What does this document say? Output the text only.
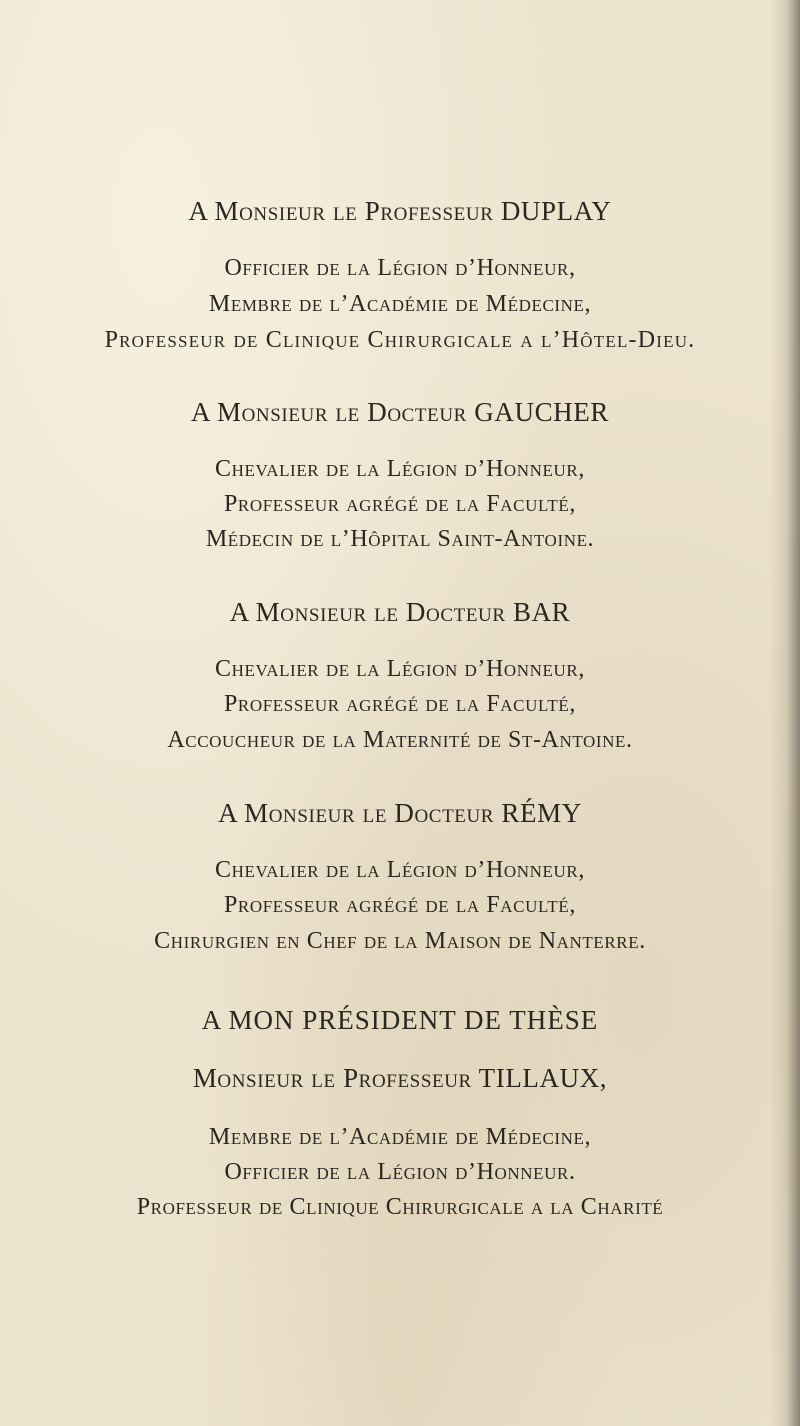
A Monsieur le Professeur DUPLAY
Officier de la Légion d’Honneur,
Membre de l’Académie de Médecine,
Professeur de Clinique Chirurgicale a l’Hôtel-Dieu.
A Monsieur le Docteur GAUCHER
Chevalier de la Légion d’Honneur,
Professeur agrégé de la Faculté,
Médecin de l’Hôpital Saint-Antoine.
A Monsieur le Docteur BAR
Chevalier de la Légion d’Honneur,
Professeur agrégé de la Faculté,
Accoucheur de la Maternité de St-Antoine.
A Monsieur le Docteur RÉMY
Chevalier de la Légion d’Honneur,
Professeur agrégé de la Faculté,
Chirurgien en Chef de la Maison de Nanterre.
A MON PRÉSIDENT DE THÈSE
Monsieur le Professeur TILLAUX,
Membre de l’Académie de Médecine,
Officier de la Légion d’Honneur.
Professeur de Clinique Chirurgicale a la Charité
